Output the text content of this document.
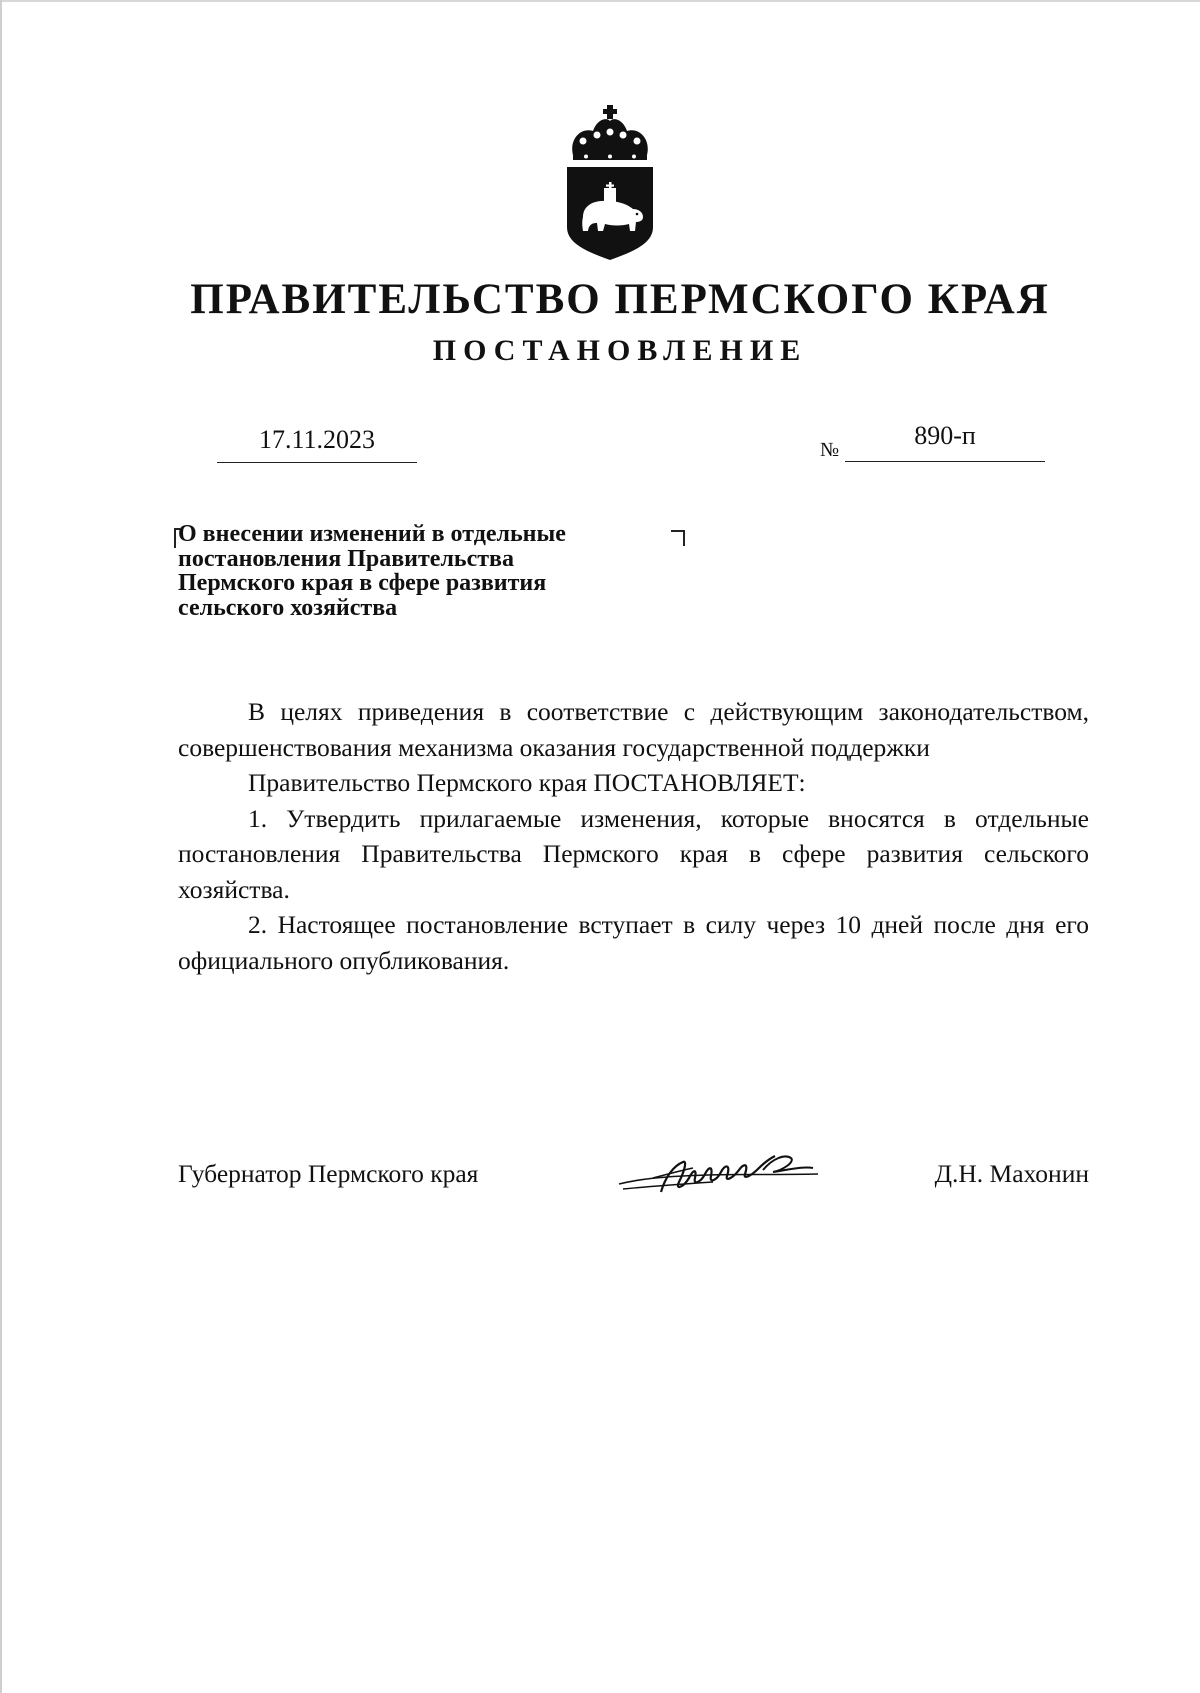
ПРАВИТЕЛЬСТВО ПЕРМСКОГО КРАЯ
ПОСТАНОВЛЕНИЕ
17.11.2023	№	890-п
О внесении изменений в отдельные
постановления Правительства
Пермского края в сфере развития
сельского хозяйства

В целях приведения в соответствие с действующим законодательством, совершенствования механизма оказания государственной поддержки

Правительство Пермского края ПОСТАНОВЛЯЕТ:

1. Утвердить прилагаемые изменения, которые вносятся в отдельные постановления Правительства Пермского края в сфере развития сельского хозяйства.

2. Настоящее постановление вступает в силу через 10 дней после дня его официального опубликования.

Губернатор Пермского края	Д.Н. Махонин
